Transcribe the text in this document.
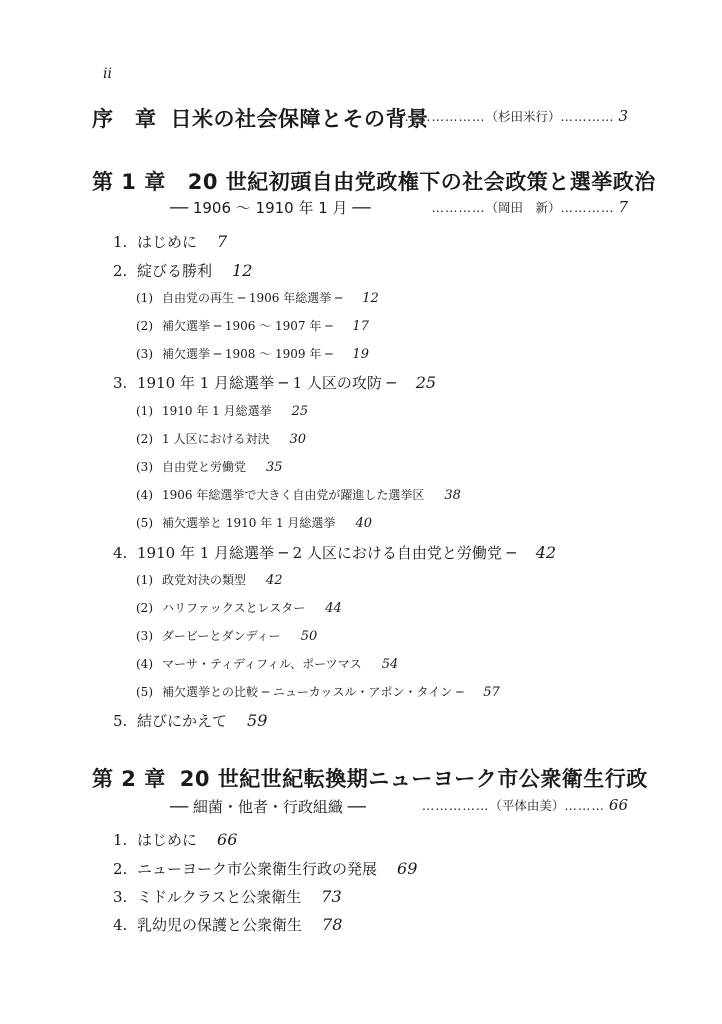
ii
序　章 日米の社会保障とその背景
……………… （杉田米行） ………… 3
第 1 章 20 世紀初頭自由党政権下の社会政策と選挙政治
── 1906 ～ 1910 年 1 月 ──	………… （岡田　新） ………… 7
1. はじめに 7
2. 綻びる勝利 12
(1) 自由党の再生 ─ 1906 年総選挙 ─ 12
(2) 補欠選挙 ─ 1906 ～ 1907 年 ─ 17
(3) 補欠選挙 ─ 1908 ～ 1909 年 ─ 19
3. 1910 年 1 月総選挙 ─ 1 人区の攻防 ─ 25
(1) 1910 年 1 月総選挙 25
(2) 1 人区における対決 30
(3) 自由党と労働党 35
(4) 1906 年総選挙で大きく自由党が躍進した選挙区 38
(5) 補欠選挙と 1910 年 1 月総選挙 40
4. 1910 年 1 月総選挙 ─ 2 人区における自由党と労働党 ─ 42
(1) 政党対決の類型 42
(2) ハリファックスとレスター 44
(3) ダービーとダンディー 50
(4) マーサ・ティディフィル、ポーツマス 54
(5) 補欠選挙との比較 ─ ニューカッスル・アポン・タイン ─ 57
5. 結びにかえて 59
第 2 章 20 世紀世紀転換期ニューヨーク市公衆衛生行政
── 細菌・他者・行政組織 ──	…………… （平体由美） ……… 66
1. はじめに 66
2. ニューヨーク市公衆衛生行政の発展 69
3. ミドルクラスと公衆衛生 73
4. 乳幼児の保護と公衆衛生 78
